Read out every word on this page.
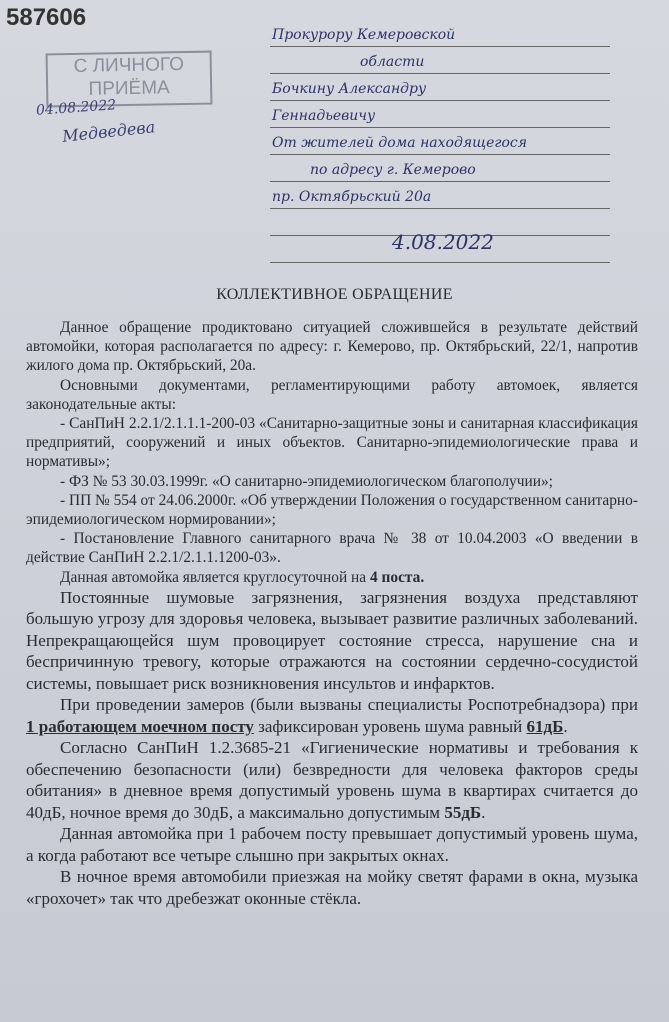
587606
С ЛИЧНОГО
ПРИЁМА
04.08.2022
Медведева
Прокурору Кемеровской
области
Бочкину Александру
Геннадьевичу
От жителей дома находящегося
по адресу г. Кемерово
пр. Октябрьский 20а
4.08.2022
КОЛЛЕКТИВНОЕ ОБРАЩЕНИЕ

Данное обращение продиктовано ситуацией сложившейся в результате действий автомойки, которая располагается по адресу: г. Кемерово, пр. Октябрьский, 22/1, напротив жилого дома пр. Октябрьский, 20а.

Основными документами, регламентирующими работу автомоек, является законодательные акты:

- СанПиН 2.2.1/2.1.1.1-200-03 «Санитарно-защитные зоны и санитарная классификация предприятий, сооружений и иных объектов. Санитарно-эпидемиологические права и нормативы»;

- ФЗ № 53 30.03.1999г. «О санитарно-эпидемиологическом благополучии»;

- ПП № 554 от 24.06.2000г. «Об утверждении Положения о государственном санитарно-эпидемиологическом нормировании»;

- Постановление Главного санитарного врача № 38 от 10.04.2003 «О введении в действие СанПиН 2.2.1/2.1.1.1200-03».

Данная автомойка является круглосуточной на 4 поста.

Постоянные шумовые загрязнения, загрязнения воздуха представляют большую угрозу для здоровья человека, вызывает развитие различных заболеваний. Непрекращающейся шум провоцирует состояние стресса, нарушение сна и беспричинную тревогу, которые отражаются на состоянии сердечно-сосудистой системы, повышает риск возникновения инсультов и инфарктов.

При проведении замеров (были вызваны специалисты Роспотребнадзора) при 1 работающем моечном посту зафиксирован уровень шума равный 61дБ.

Согласно СанПиН 1.2.3685-21 «Гигиенические нормативы и требования к обеспечению безопасности (или) безвредности для человека факторов среды обитания» в дневное время допустимый уровень шума в квартирах считается до 40дБ, ночное время до 30дБ, а максимально допустимым 55дБ.

Данная автомойка при 1 рабочем посту превышает допустимый уровень шума, а когда работают все четыре слышно при закрытых окнах.

В ночное время автомобили приезжая на мойку светят фарами в окна, музыка «грохочет» так что дребезжат оконные стёкла.
